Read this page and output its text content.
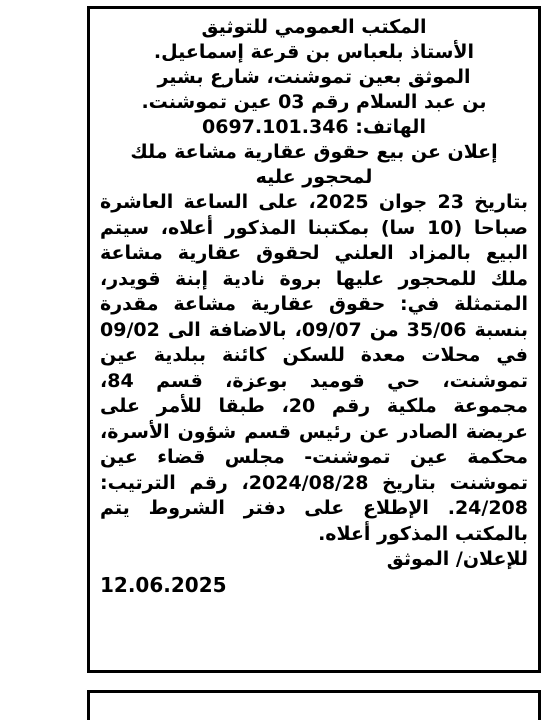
المكتب العمومي للتوثيق

الأستاذ بلعباس بن قرعة إسماعيل.

الموثق بعين تموشنت، شارع بشير

بن عبد السلام رقم 03 عين تموشنت.

الهاتف: 0697.101.346

إعلان عن بيع حقوق عقارية مشاعة ملك

لمحجور عليه

بتاريخ 23 جوان 2025، على الساعة العاشرة صباحا (10 سا) بمكتبنا المذكور أعلاه، سيتم البيع بالمزاد العلني لحقوق عقارية مشاعة ملك للمحجور عليها بروة نادية إبنة قويدر، المتمثلة في: حقوق عقارية مشاعة مقدرة بنسبة 35/06 من 09/07، بالاضافة الى 09/02 في محلات معدة للسكن كائنة ببلدية عين تموشنت، حي قوميد بوعزة، قسم 84، مجموعة ملكية رقم 20، طبقا للأمر على عريضة الصادر عن رئيس قسم شؤون الأسرة، محكمة عين تموشنت- مجلس قضاء عين تموشنت بتاريخ 2024/08/28، رقم الترتيب: 24/208. الإطلاع على دفتر الشروط يتم بالمكتب المذكور أعلاه.

للإعلان/ الموثق

12.06.2025
